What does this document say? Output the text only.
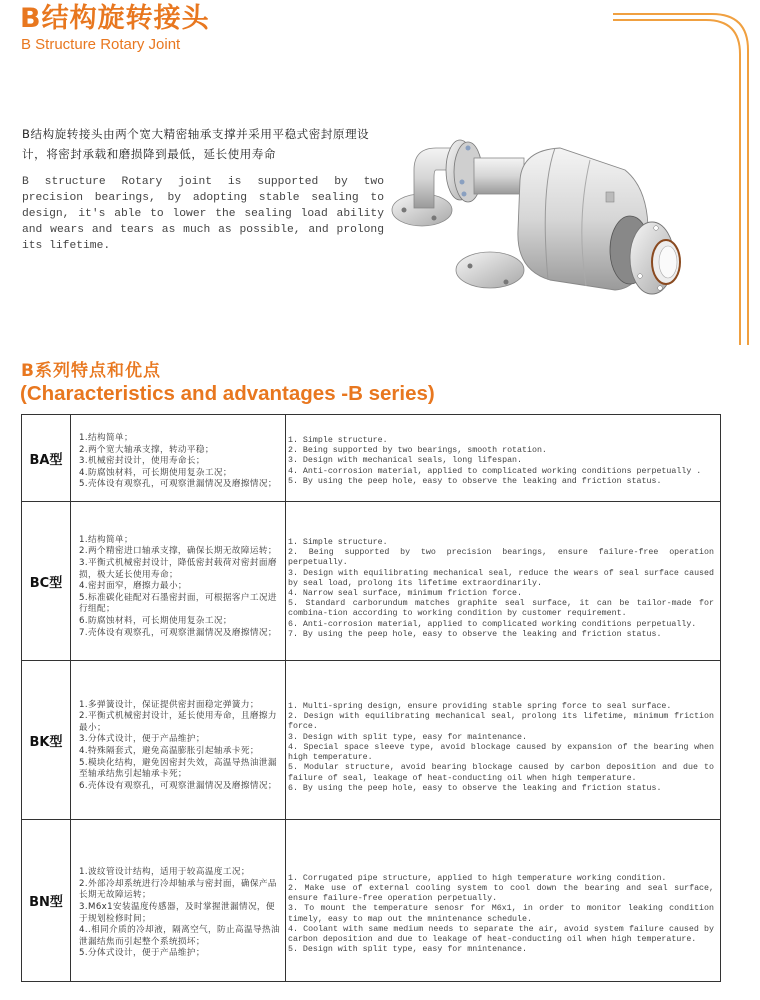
B结构旋转接头
B Structure Rotary Joint
B结构旋转接头由两个宽大精密轴承支撑并采用平稳式密封原理设计，将密封承载和磨损降到最低，延长使用寿命
B structure Rotary joint is supported by two precision bearings, by adopting stable sealing to design, it's able to lower the sealing load ability and wears and tears as much as possible, and prolong its lifetime.
B系列特点和优点
(Characteristics and advantages -B series)
BA型	
1.结构简单；
2.两个宽大轴承支撑，转动平稳；
3.机械密封设计，使用寿命长；
4.防腐蚀材料，可长期使用复杂工况；
5.壳体设有观察孔，可观察泄漏情况及磨擦情况；

1. Simple structure.
2. Being supported by two bearings, smooth rotation.
3. Design with mechanical seals, long lifespan.
4. Anti-corrosion material, applied to complicated working conditions perpetually .
5. By using the peep hole, easy to observe the leaking and friction status.

BC型	
1.结构简单；
2.两个精密进口轴承支撑，确保长期无故障运转；
3.平衡式机械密封设计，降低密封载荷对密封面磨损，极大延长使用寿命；
4.密封面窄，磨擦力最小；
5.标准碳化硅配对石墨密封面，可根据客户工况进行组配；
6.防腐蚀材料，可长期使用复杂工况；
7.壳体设有观察孔，可观察泄漏情况及磨擦情况；

1. Simple structure.
2. Being supported by two precision bearings, ensure failure-free operation perpetually.
3. Design with equilibrating mechanical seal, reduce the wears of seal surface caused by seal load, prolong its lifetime extraordinarily.
4. Narrow seal surface, minimum friction force.
5. Standard carborundum matches graphite seal surface, it can be tailor-made for combina-tion according to working condition by customer requirement.
6. Anti-corrosion material, applied to complicated working conditions perpetually.
7. By using the peep hole, easy to observe the leaking and friction status.

BK型	
1.多弹簧设计，保证提供密封面稳定弹簧力；
2.平衡式机械密封设计，延长使用寿命，且磨擦力最小；
3.分体式设计，便于产品维护；
4.特殊隔套式，避免高温膨胀引起轴承卡死；
5.模块化结构，避免因密封失效，高温导热油泄漏至轴承结焦引起轴承卡死；
6.壳体设有观察孔，可观察泄漏情况及磨擦情况；

1. Multi-spring design, ensure providing stable spring force to seal surface.
2. Design with equilibrating mechanical seal, prolong its lifetime, minimum friction force.
3. Design with split type, easy for maintenance.
4. Special space sleeve type, avoid blockage caused by expansion of the bearing when high temperature.
5. Modular structure, avoid bearing blockage caused by carbon deposition and due to failure of seal, leakage of heat-conducting oil when high temperature.
6. By using the peep hole, easy to observe the leaking and friction status.

BN型	
1.波纹管设计结构，适用于较高温度工况；
2.外部冷却系统进行冷却轴承与密封面，确保产品长期无故障运转；
3.M6x1安装温度传感器，及时掌握泄漏情况，便于规划检修时间；
4..相同介质的冷却液，隔离空气，防止高温导热油泄漏结焦而引起整个系统损坏；
5.分体式设计，便于产品维护；

1. Corrugated pipe structure, applied to high temperature working condition.
2. Make use of external cooling system to cool down the bearing and seal surface, ensure failure-free operation perpetually.
3. To mount the temperature senosr for M6x1, in order to monitor leaking condition timely, easy to map out the mnintenance schedule.
4. Coolant with same medium needs to separate the air, avoid system failure caused by carbon deposition and due to leakage of heat-conducting oil when high temperature.
5. Design with split type, easy for mnintenance.
